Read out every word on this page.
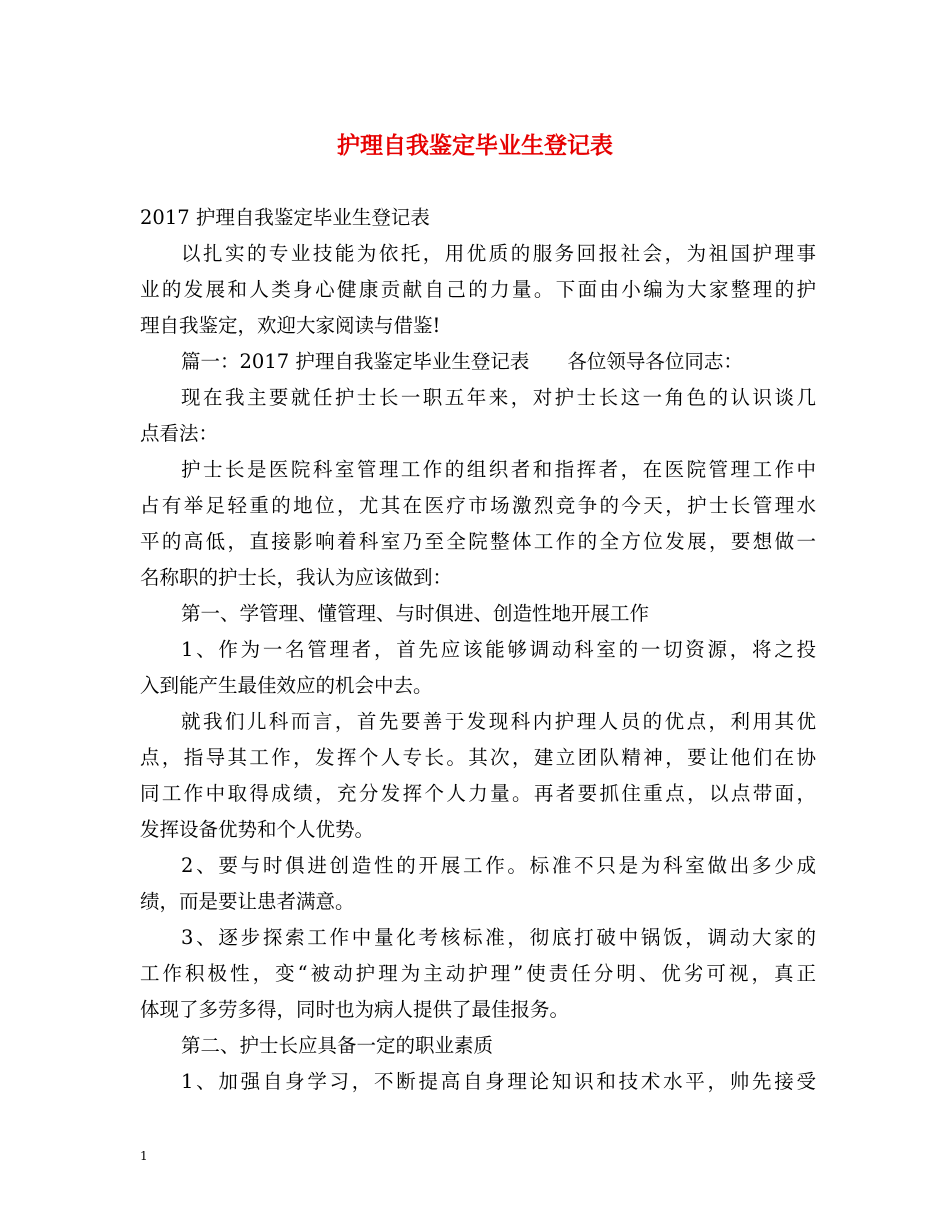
护理自我鉴定毕业生登记表
2017 护理自我鉴定毕业生登记表
以扎实的专业技能为依托，用优质的服务回报社会，为祖国护理事
业的发展和人类身心健康贡献自己的力量。下面由小编为大家整理的护
理自我鉴定，欢迎大家阅读与借鉴!
篇一：2017 护理自我鉴定毕业生登记表 各位领导各位同志：
现在我主要就任护士长一职五年来，对护士长这一角色的认识谈几
点看法：
护士长是医院科室管理工作的组织者和指挥者，在医院管理工作中
占有举足轻重的地位，尤其在医疗市场激烈竞争的今天，护士长管理水
平的高低，直接影响着科室乃至全院整体工作的全方位发展，要想做一
名称职的护士长，我认为应该做到：
第一、学管理、懂管理、与时俱进、创造性地开展工作
1、作为一名管理者，首先应该能够调动科室的一切资源，将之投
入到能产生最佳效应的机会中去。
就我们儿科而言，首先要善于发现科内护理人员的优点，利用其优
点，指导其工作，发挥个人专长。其次，建立团队精神，要让他们在协
同工作中取得成绩，充分发挥个人力量。再者要抓住重点，以点带面，
发挥设备优势和个人优势。
2、要与时俱进创造性的开展工作。标准不只是为科室做出多少成
绩，而是要让患者满意。
3、逐步探索工作中量化考核标准，彻底打破中锅饭，调动大家的
工作积极性，变“被动护理为主动护理”使责任分明、优劣可视，真正
体现了多劳多得，同时也为病人提供了最佳报务。
第二、护士长应具备一定的职业素质
1、加强自身学习，不断提高自身理论知识和技术水平，帅先接受
1
